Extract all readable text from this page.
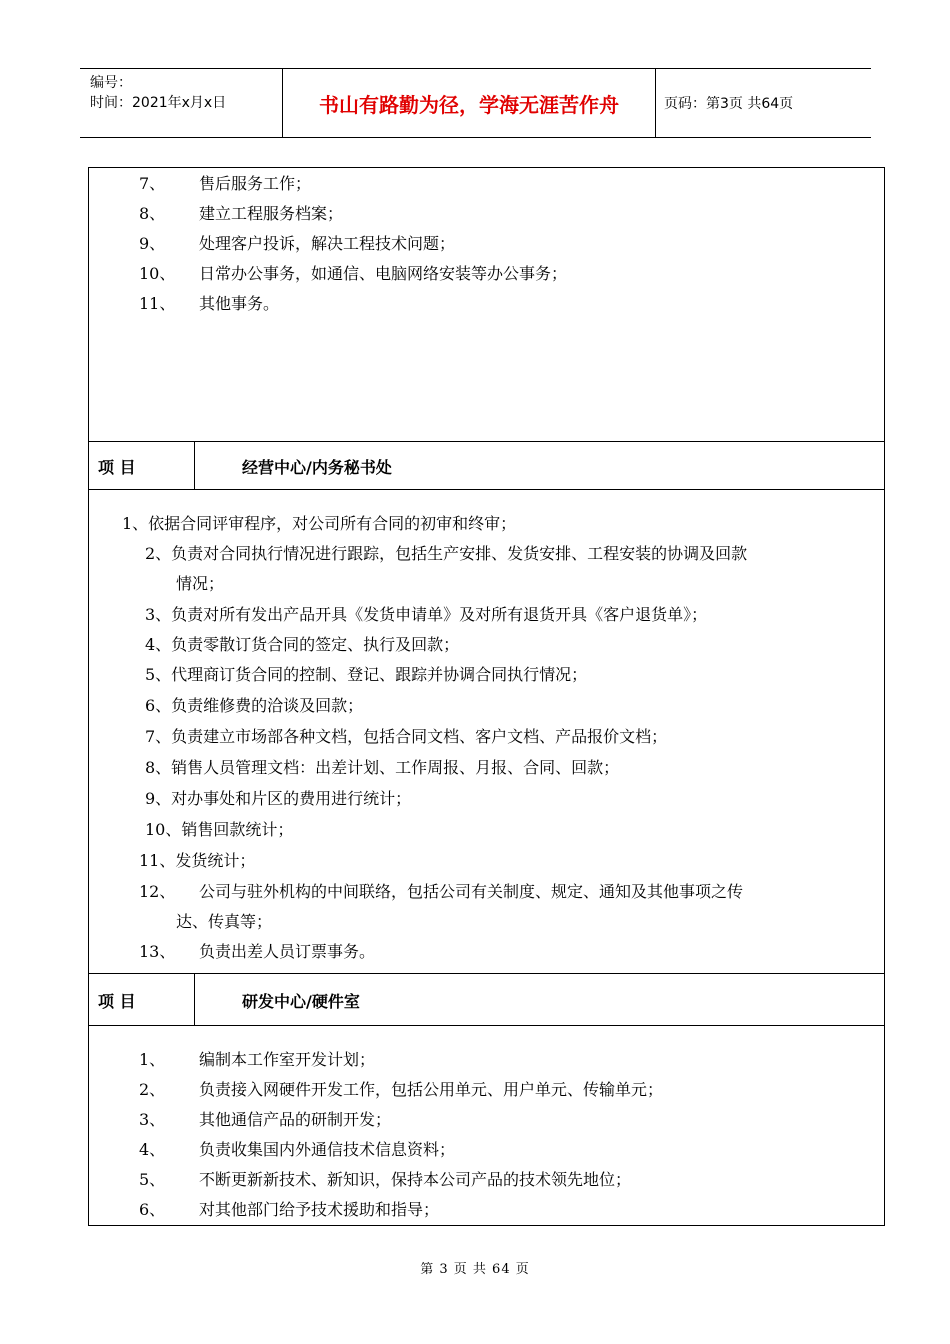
编号：
时间：2021年x月x日	书山有路勤为径，学海无涯苦作舟	页码：第3页 共64页
7、 售后服务工作；
8、 建立工程服务档案；
9、 处理客户投诉，解决工程技术问题；
10、 日常办公事务，如通信、电脑网络安装等办公事务；
11、 其他事务。
项 目	经营中心/内务秘书处
1、依据合同评审程序，对公司所有合同的初审和终审；
2、负责对合同执行情况进行跟踪，包括生产安排、发货安排、工程安装的协调及回款
情况；
3、负责对所有发出产品开具《发货申请单》及对所有退货开具《客户退货单》；
4、负责零散订货合同的签定、执行及回款；
5、代理商订货合同的控制、登记、跟踪并协调合同执行情况；
6、负责维修费的洽谈及回款；
7、负责建立市场部各种文档，包括合同文档、客户文档、产品报价文档；
8、销售人员管理文档：出差计划、工作周报、月报、合同、回款；
9、对办事处和片区的费用进行统计；
10、销售回款统计；
11、发货统计；
12、 公司与驻外机构的中间联络，包括公司有关制度、规定、通知及其他事项之传
达、传真等；
13、 负责出差人员订票事务。
项 目	研发中心/硬件室
1、 编制本工作室开发计划；
2、 负责接入网硬件开发工作，包括公用单元、用户单元、传输单元；
3、 其他通信产品的研制开发；
4、 负责收集国内外通信技术信息资料；
5、 不断更新新技术、新知识，保持本公司产品的技术领先地位；
6、 对其他部门给予技术援助和指导；
第 3 页 共 64 页
